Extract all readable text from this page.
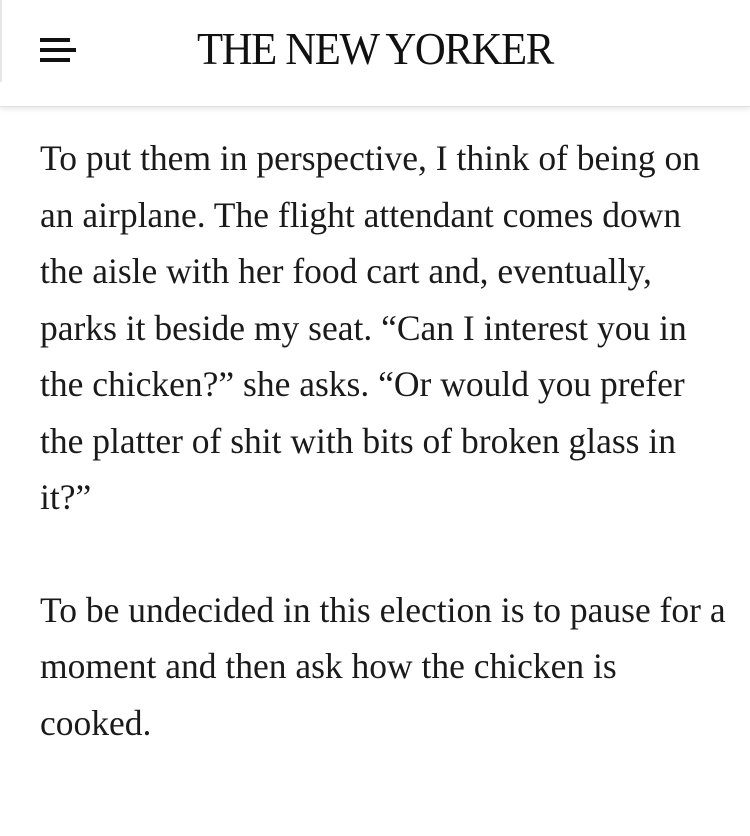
THE NEW YORKER

To put them in perspective, I think of being on an airplane. The flight attendant comes down the aisle with her food cart and, eventually, parks it beside my seat. “Can I interest you in the chicken?” she asks. “Or would you prefer the platter of shit with bits of broken glass in it?”

To be undecided in this election is to pause for a moment and then ask how the chicken is cooked.
